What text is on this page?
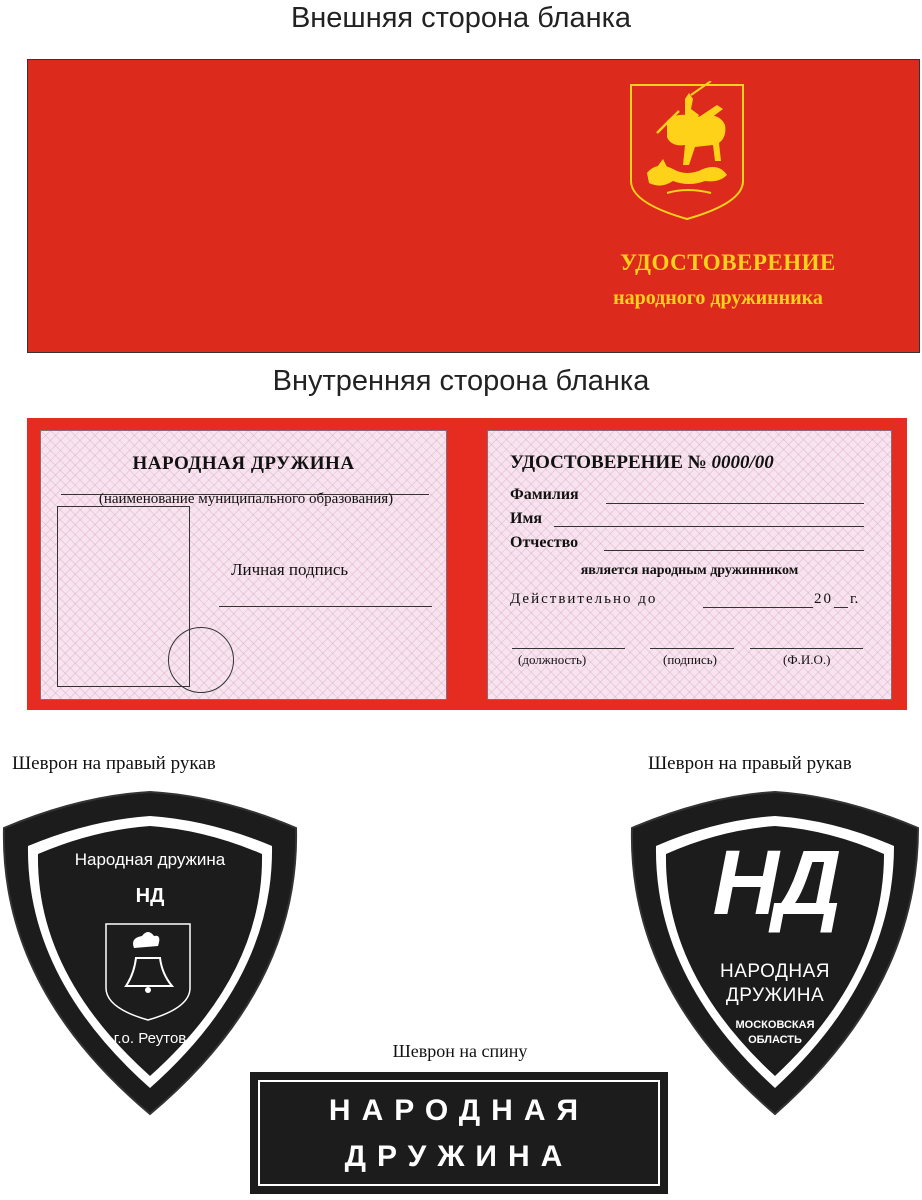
Внешняя сторона бланка
УДОСТОВЕРЕНИЕ
народного дружинника
Внутренняя сторона бланка
НАРОДНАЯ ДРУЖИНА
(наименование муниципального образования)
Личная подпись
УДОСТОВЕРЕНИЕ № 0000/00
Фамилия
Имя
Отчество
является народным дружинником
Действительно до	20 г.
(должность)	(подпись)	(Ф.И.О.)
Шеврон на правый рукав	Шеврон на правый рукав
Народная дружина
НД
г.о. Реутов
НД
НАРОДНАЯ
ДРУЖИНА
МОСКОВСКАЯ
ОБЛАСТЬ
Шеврон на спину
НАРОДНАЯ
ДРУЖИНА
